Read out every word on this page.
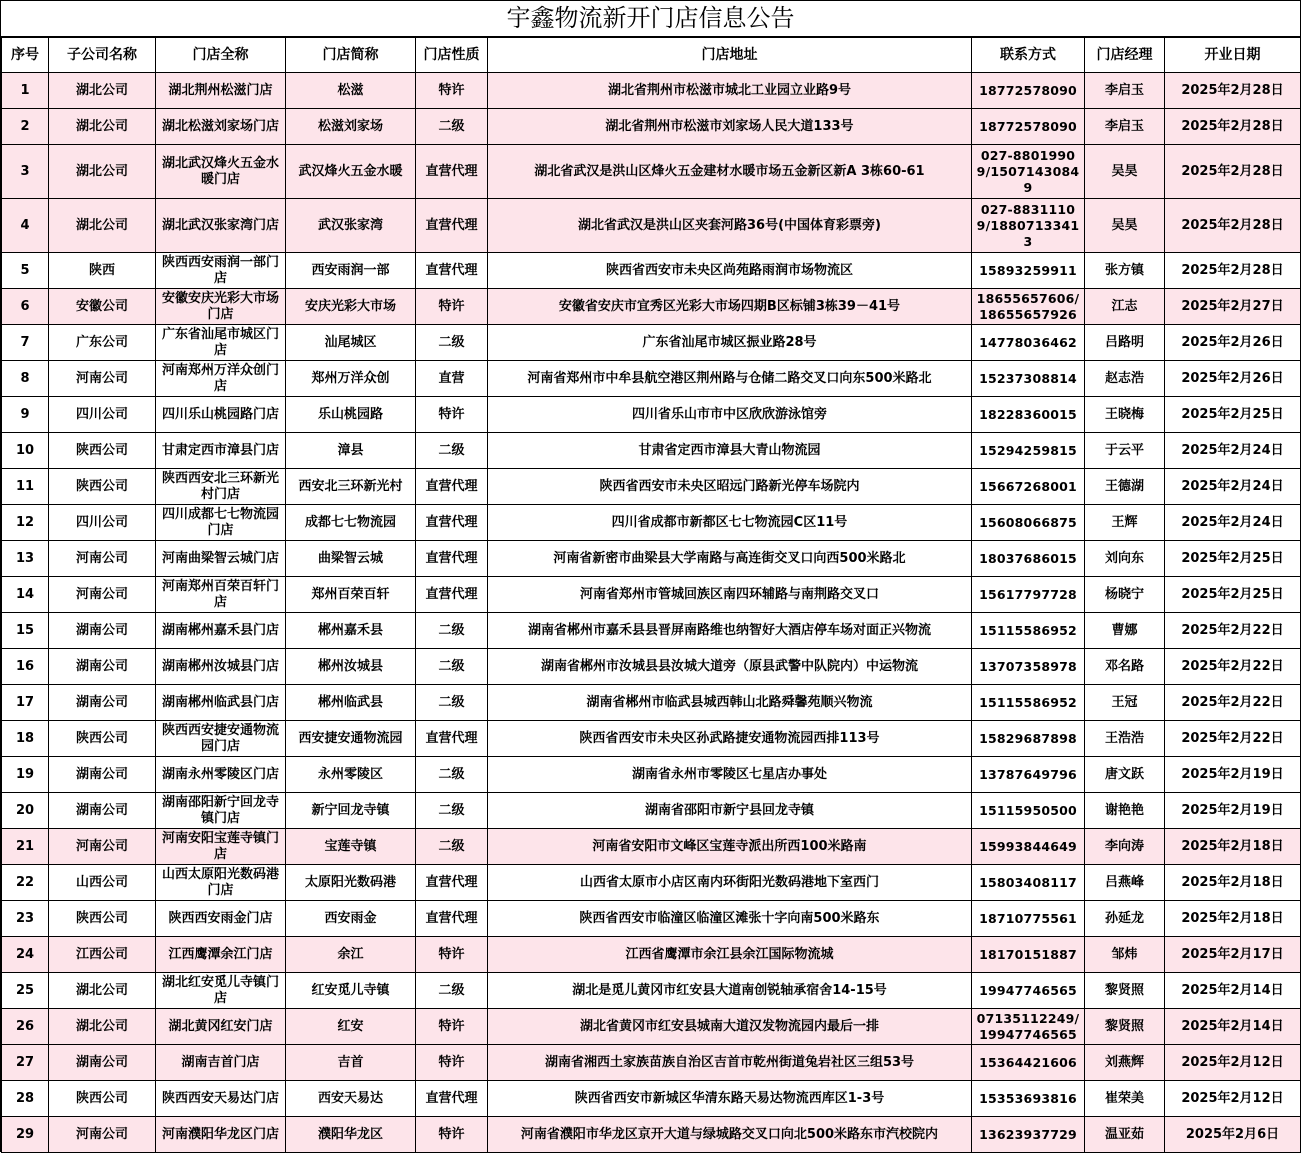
宇鑫物流新开门店信息公告
序号	子公司名称	门店全称	门店简称	门店性质	门店地址	联系方式	门店经理	开业日期
1	湖北公司	湖北荆州松滋门店	松滋	特许	湖北省荆州市松滋市城北工业园立业路9号	18772578090	李启玉	2025年2月28日
2	湖北公司	湖北松滋刘家场门店	松滋刘家场	二级	湖北省荆州市松滋市刘家场人民大道133号	18772578090	李启玉	2025年2月28日
3	湖北公司	湖北武汉烽火五金水暖门店	武汉烽火五金水暖	直营代理	湖北省武汉是洪山区烽火五金建材水暖市场五金新区新A 3栋60-61	027-88019909/15071430849	吴昊	2025年2月28日
4	湖北公司	湖北武汉张家湾门店	武汉张家湾	直营代理	湖北省武汉是洪山区夹套河路36号(中国体育彩票旁)	027-88311109/18807133413	吴昊	2025年2月28日
5	陕西	陕西西安雨润一部门店	西安雨润一部	直营代理	陕西省西安市未央区尚苑路雨润市场物流区	15893259911	张方镇	2025年2月28日
6	安徽公司	安徽安庆光彩大市场门店	安庆光彩大市场	特许	安徽省安庆市宜秀区光彩大市场四期B区标铺3栋39－41号	18655657606/18655657926	江志	2025年2月27日
7	广东公司	广东省汕尾市城区门店	汕尾城区	二级	广东省汕尾市城区振业路28号	14778036462	吕路明	2025年2月26日
8	河南公司	河南郑州万洋众创门店	郑州万洋众创	直营	河南省郑州市中牟县航空港区荆州路与仓储二路交叉口向东500米路北	15237308814	赵志浩	2025年2月26日
9	四川公司	四川乐山桃园路门店	乐山桃园路	特许	四川省乐山市市中区欣欣游泳馆旁	18228360015	王晓梅	2025年2月25日
10	陕西公司	甘肃定西市漳县门店	漳县	二级	甘肃省定西市漳县大青山物流园	15294259815	于云平	2025年2月24日
11	陕西公司	陕西西安北三环新光村门店	西安北三环新光村	直营代理	陕西省西安市未央区昭远门路新光停车场院内	15667268001	王德湖	2025年2月24日
12	四川公司	四川成都七七物流园门店	成都七七物流园	直营代理	四川省成都市新都区七七物流园C区11号	15608066875	王辉	2025年2月24日
13	河南公司	河南曲梁智云城门店	曲梁智云城	直营代理	河南省新密市曲梁县大学南路与高连街交叉口向西500米路北	18037686015	刘向东	2025年2月25日
14	河南公司	河南郑州百荣百轩门店	郑州百荣百轩	直营代理	河南省郑州市管城回族区南四环辅路与南荆路交叉口	15617797728	杨晓宁	2025年2月25日
15	湖南公司	湖南郴州嘉禾县门店	郴州嘉禾县	二级	湖南省郴州市嘉禾县县晋屏南路维也纳智好大酒店停车场对面正兴物流	15115586952	曹娜	2025年2月22日
16	湖南公司	湖南郴州汝城县门店	郴州汝城县	二级	湖南省郴州市汝城县县汝城大道旁（原县武警中队院内）中运物流	13707358978	邓名路	2025年2月22日
17	湖南公司	湖南郴州临武县门店	郴州临武县	二级	湖南省郴州市临武县城西韩山北路舜馨苑顺兴物流	15115586952	王冠	2025年2月22日
18	陕西公司	陕西西安捷安通物流园门店	西安捷安通物流园	直营代理	陕西省西安市未央区孙武路捷安通物流园西排113号	15829687898	王浩浩	2025年2月22日
19	湖南公司	湖南永州零陵区门店	永州零陵区	二级	湖南省永州市零陵区七星店办事处	13787649796	唐文跃	2025年2月19日
20	湖南公司	湖南邵阳新宁回龙寺镇门店	新宁回龙寺镇	二级	湖南省邵阳市新宁县回龙寺镇	15115950500	谢艳艳	2025年2月19日
21	河南公司	河南安阳宝莲寺镇门店	宝莲寺镇	二级	河南省安阳市文峰区宝莲寺派出所西100米路南	15993844649	李向涛	2025年2月18日
22	山西公司	山西太原阳光数码港门店	太原阳光数码港	直营代理	山西省太原市小店区南内环街阳光数码港地下室西门	15803408117	吕燕峰	2025年2月18日
23	陕西公司	陕西西安雨金门店	西安雨金	直营代理	陕西省西安市临潼区临潼区滩张十字向南500米路东	18710775561	孙延龙	2025年2月18日
24	江西公司	江西鹰潭余江门店	余江	特许	江西省鹰潭市余江县余江国际物流城	18170151887	邹炜	2025年2月17日
25	湖北公司	湖北红安觅儿寺镇门店	红安觅儿寺镇	二级	湖北是觅儿黄冈市红安县大道南创锐轴承宿舍14-15号	19947746565	黎贤照	2025年2月14日
26	湖北公司	湖北黄冈红安门店	红安	特许	湖北省黄冈市红安县城南大道汉发物流园内最后一排	07135112249/19947746565	黎贤照	2025年2月14日
27	湖南公司	湖南吉首门店	吉首	特许	湖南省湘西土家族苗族自治区吉首市乾州街道兔岩社区三组53号	15364421606	刘燕辉	2025年2月12日
28	陕西公司	陕西西安天易达门店	西安天易达	直营代理	陕西省西安市新城区华清东路天易达物流西库区1-3号	15353693816	崔荣美	2025年2月12日
29	河南公司	河南濮阳华龙区门店	濮阳华龙区	特许	河南省濮阳市华龙区京开大道与绿城路交叉口向北500米路东市汽校院内	13623937729	温亚茹	2025年2月6日
